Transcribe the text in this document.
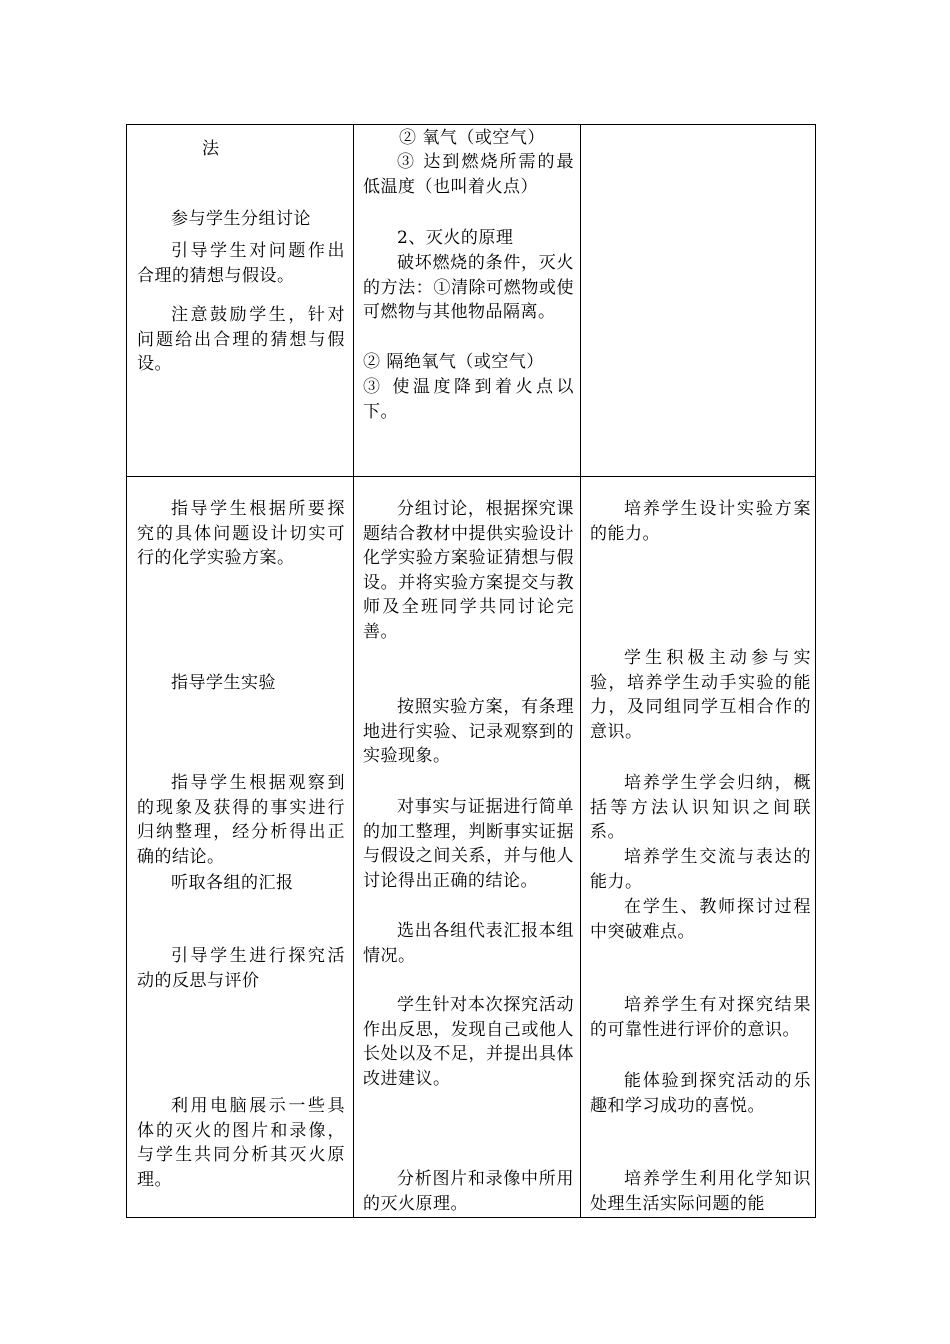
法

参与学生分组讨论

引导学生对问题作出合理的猜想与假设。

注意鼓励学生，针对问题给出合理的猜想与假设。

② 氧气（或空气）

③ 达到燃烧所需的最低温度（也叫着火点）

2、灭火的原理

破坏燃烧的条件，灭火的方法：①清除可燃物或使可燃物与其他物品隔离。

② 隔绝氧气（或空气）

③ 使温度降到着火点以下。

指导学生根据所要探究的具体问题设计切实可行的化学实验方案。

指导学生实验

指导学生根据观察到的现象及获得的事实进行归纳整理，经分析得出正确的结论。

听取各组的汇报

引导学生进行探究活动的反思与评价

利用电脑展示一些具体的灭火的图片和录像，与学生共同分析其灭火原理。

分组讨论，根据探究课题结合教材中提供实验设计化学实验方案验证猜想与假设。并将实验方案提交与教师及全班同学共同讨论完善。

按照实验方案，有条理地进行实验、记录观察到的实验现象。

对事实与证据进行简单的加工整理，判断事实证据与假设之间关系，并与他人讨论得出正确的结论。

选出各组代表汇报本组情况。

学生针对本次探究活动作出反思，发现自己或他人长处以及不足，并提出具体改进建议。

分析图片和录像中所用的灭火原理。

培养学生设计实验方案的能力。

学生积极主动参与实验，培养学生动手实验的能力，及同组同学互相合作的意识。

培养学生学会归纳，概括等方法认识知识之间联系。

培养学生交流与表达的能力。

在学生、教师探讨过程中突破难点。

培养学生有对探究结果的可靠性进行评价的意识。

能体验到探究活动的乐趣和学习成功的喜悦。

培养学生利用化学知识处理生活实际问题的能
